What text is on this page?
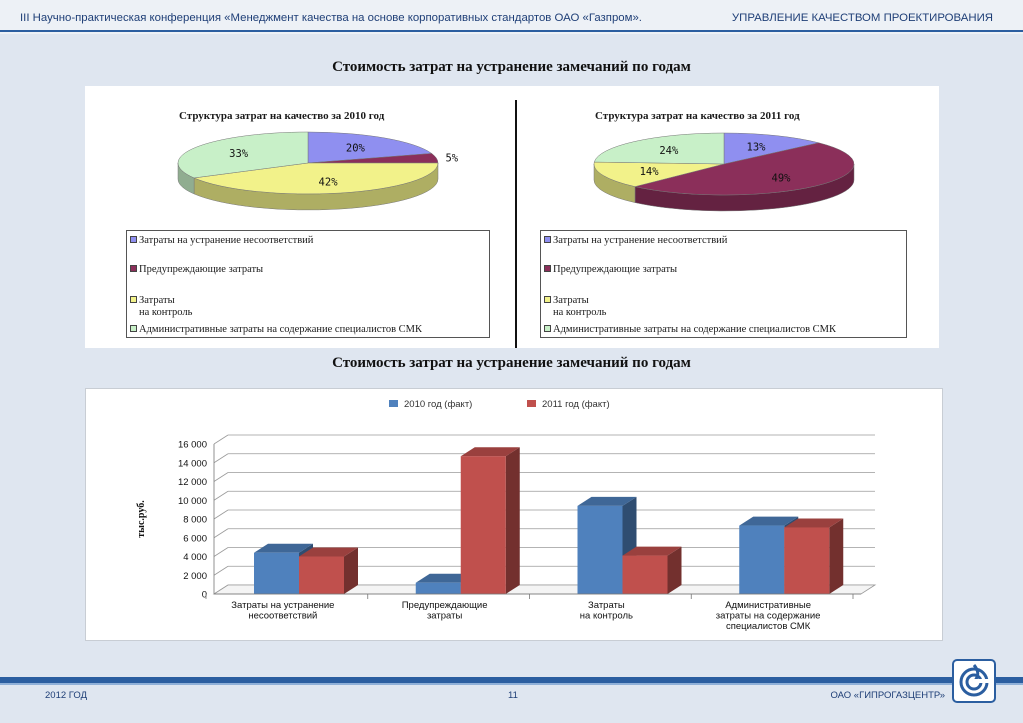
III Научно-практическая конференция «Менеджмент качества на основе корпоративных стандартов ОАО «Газпром».	УПРАВЛЕНИЕ КАЧЕСТВОМ ПРОЕКТИРОВАНИЯ
Стоимость затрат на устранение замечаний по годам
20%
5%
42%
33%
Структура затрат на качество за 2010 год
Затраты на устранение несоответствий
Предупреждающие затраты
Затраты
на контроль
Административные затраты на содержание специалистов СМК
13%
49%
14%
24%
Структура затрат на качество за 2011 год
Затраты на устранение несоответствий
Предупреждающие затраты
Затраты
на контроль
Административные затраты на содержание специалистов СМК
Стоимость затрат на устранение замечаний по годам
2010 год (факт)	2011 год (факт)
0
2 000
4 000
6 000
8 000
10 000
12 000
14 000
16 000
тыс.руб.
Затраты на устранение
несоответствий
Предупреждающие
затраты
Затраты
на контроль
Административные
затраты на содержание
специалистов СМК
2012 ГОД	11	ОАО «ГИПРОГАЗЦЕНТР»
